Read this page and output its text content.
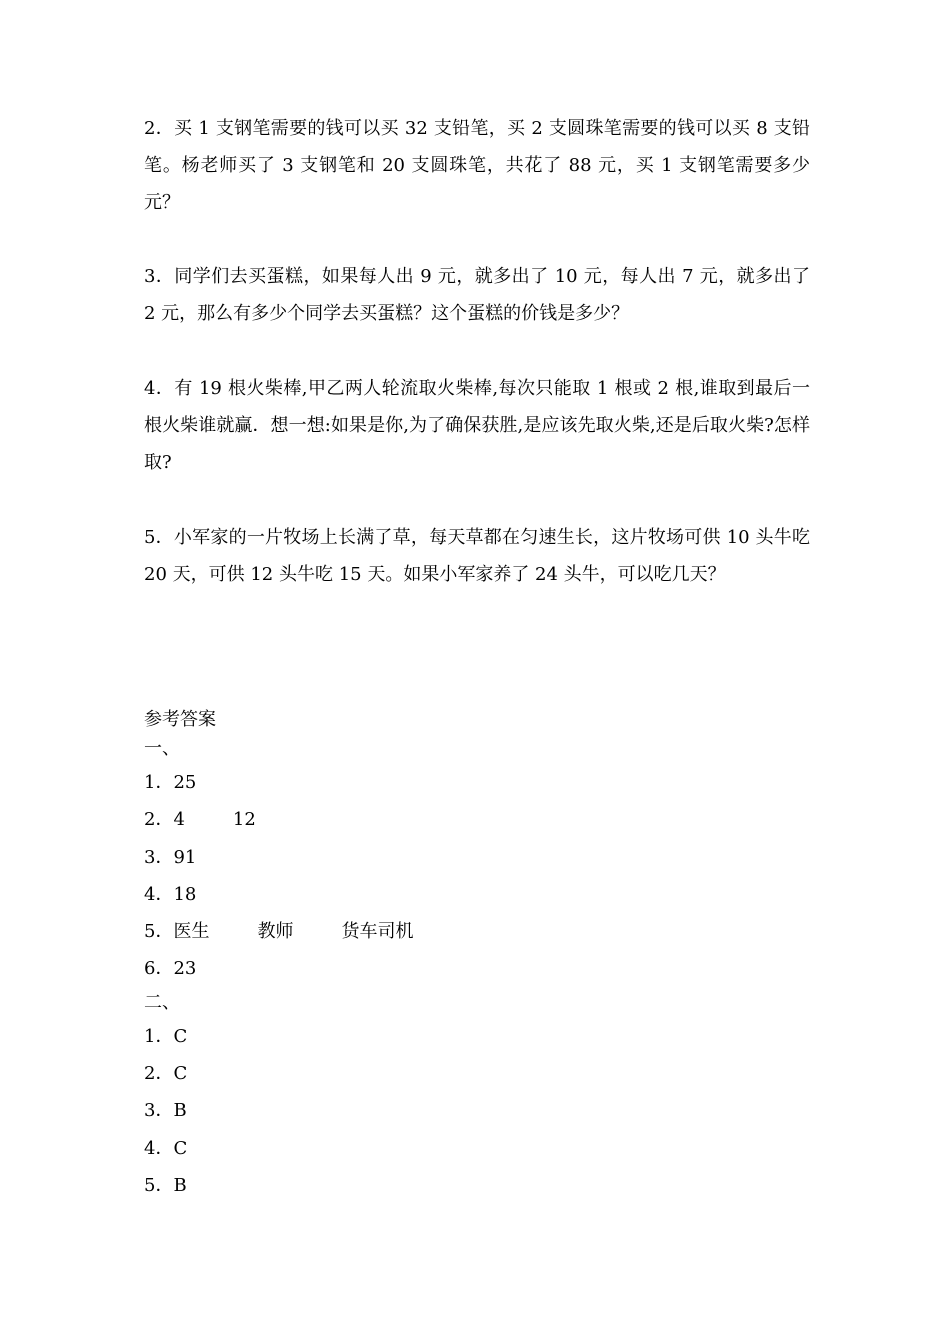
2．买 1 支钢笔需要的钱可以买 32 支铅笔，买 2 支圆珠笔需要的钱可以买 8 支铅笔。杨老师买了 3 支钢笔和 20 支圆珠笔，共花了 88 元，买 1 支钢笔需要多少元？

3．同学们去买蛋糕，如果每人出 9 元，就多出了 10 元，每人出 7 元，就多出了 2 元，那么有多少个同学去买蛋糕？这个蛋糕的价钱是多少？

4．有 19 根火柴棒,甲乙两人轮流取火柴棒,每次只能取 1 根或 2 根,谁取到最后一根火柴谁就赢．想一想:如果是你,为了确保获胜,是应该先取火柴,还是后取火柴?怎样取?

5．小军家的一片牧场上长满了草，每天草都在匀速生长，这片牧场可供 10 头牛吃 20 天，可供 12 头牛吃 15 天。如果小军家养了 24 头牛，可以吃几天？

参考答案
一、
1．25
2．4	12
3．91
4．18
5．医生	教师	货车司机
6．23
二、
1．C
2．C
3．B
4．C
5．B
